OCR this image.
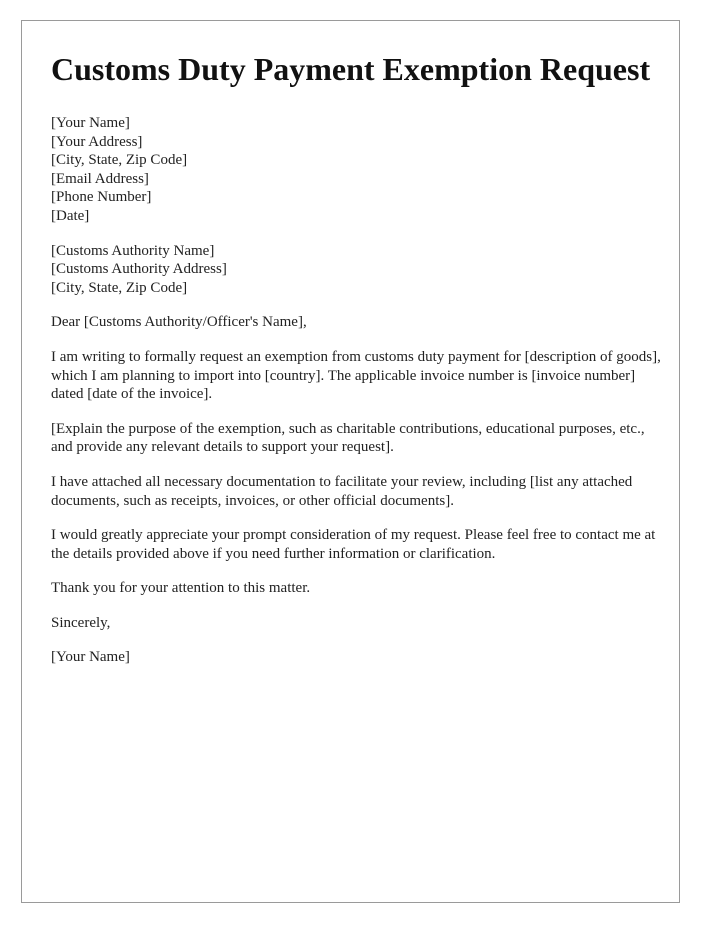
Customs Duty Payment Exemption Request
[Your Name]
[Your Address]
[City, State, Zip Code]
[Email Address]
[Phone Number]
[Date]
[Customs Authority Name]
[Customs Authority Address]
[City, State, Zip Code]

Dear [Customs Authority/Officer's Name],

I am writing to formally request an exemption from customs duty payment for [description of goods], which I am planning to import into [country]. The applicable invoice number is [invoice number] dated [date of the invoice].

[Explain the purpose of the exemption, such as charitable contributions, educational purposes, etc., and provide any relevant details to support your request].

I have attached all necessary documentation to facilitate your review, including [list any attached documents, such as receipts, invoices, or other official documents].

I would greatly appreciate your prompt consideration of my request. Please feel free to contact me at the details provided above if you need further information or clarification.

Thank you for your attention to this matter.

Sincerely,

[Your Name]
